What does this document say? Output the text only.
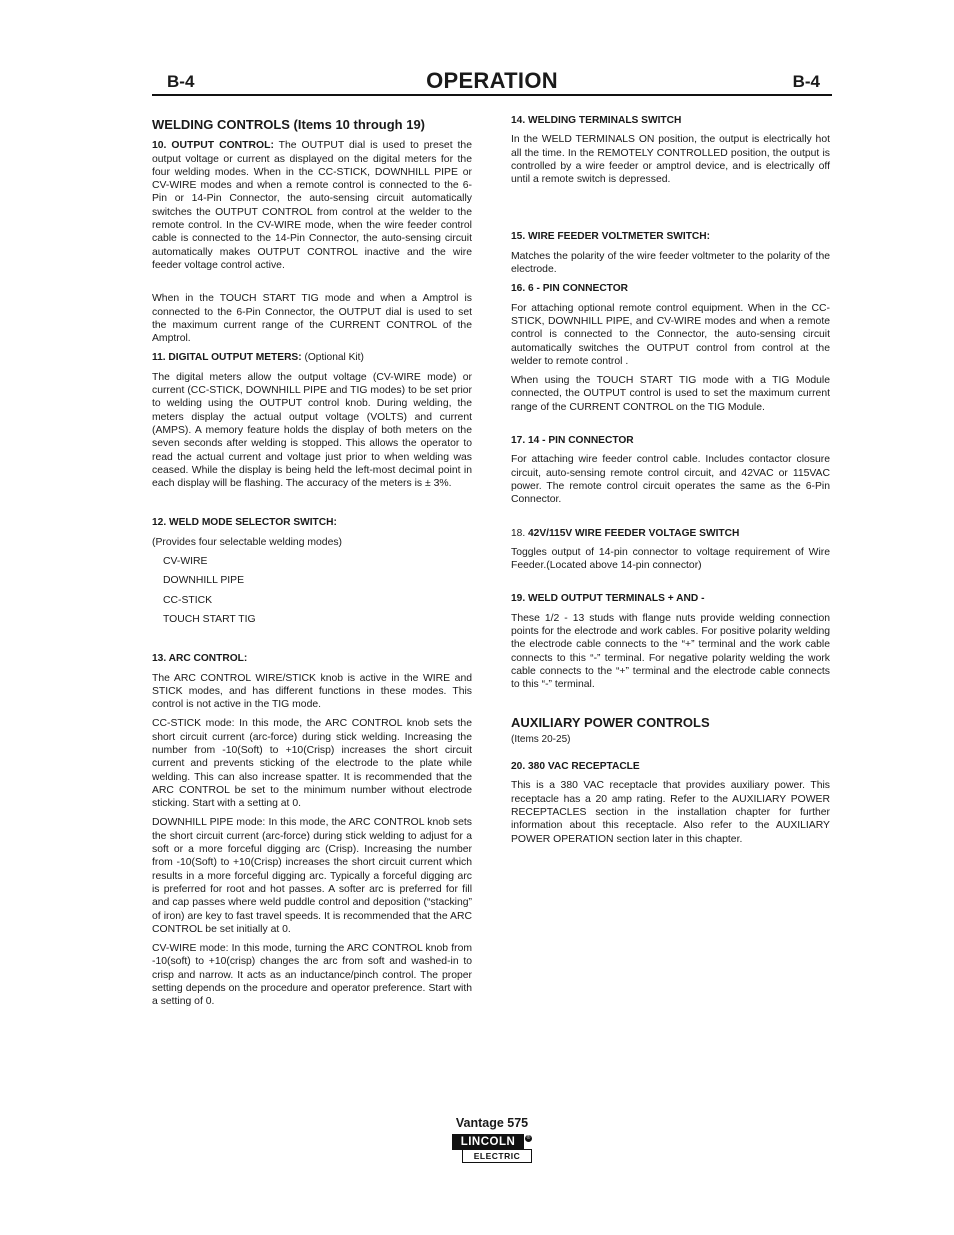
B-4	OPERATION	B-4
WELDING CONTROLS (Items 10 through 19)

10. OUTPUT CONTROL: The OUTPUT dial is used to preset the output voltage or current as displayed on the digital meters for the four welding modes. When in the CC-STICK, DOWNHILL PIPE or CV-WIRE modes and when a remote control is connected to the 6-Pin or 14-Pin Connector, the auto-sensing circuit automatically switches the OUTPUT CONTROL from control at the welder to the remote control. In the CV-WIRE mode, when the wire feeder control cable is connected to the 14-Pin Connector, the auto-sensing circuit automatically makes OUTPUT CONTROL inactive and the wire feeder voltage control active.

When in the TOUCH START TIG mode and when a Amptrol is connected to the 6-Pin Connector, the OUTPUT dial is used to set the maximum current range of the CURRENT CONTROL of the Amptrol.

11. DIGITAL OUTPUT METERS: (Optional Kit)

The digital meters allow the output voltage (CV-WIRE mode) or current (CC-STICK, DOWNHILL PIPE and TIG modes) to be set prior to welding using the OUTPUT control knob. During welding, the meters display the actual output voltage (VOLTS) and current (AMPS). A memory feature holds the display of both meters on the seven seconds after welding is stopped. This allows the operator to read the actual current and voltage just prior to when welding was ceased. While the display is being held the left-most decimal point in each display will be flashing. The accuracy of the meters is ± 3%.

12. WELD MODE SELECTOR SWITCH:

(Provides four selectable welding modes)

CV-WIRE
DOWNHILL PIPE
CC-STICK
TOUCH START TIG
13. ARC CONTROL:

The ARC CONTROL WIRE/STICK knob is active in the WIRE and STICK modes, and has different functions in these modes. This control is not active in the TIG mode.

CC-STICK mode: In this mode, the ARC CONTROL knob sets the short circuit current (arc-force) during stick welding. Increasing the number from -10(Soft) to +10(Crisp) increases the short circuit current and prevents sticking of the electrode to the plate while welding. This can also increase spatter. It is recommended that the ARC CONTROL be set to the minimum number without electrode sticking. Start with a setting at 0.

DOWNHILL PIPE mode: In this mode, the ARC CONTROL knob sets the short circuit current (arc-force) during stick welding to adjust for a soft or a more forceful digging arc (Crisp). Increasing the number from -10(Soft) to +10(Crisp) increases the short circuit current which results in a more forceful digging arc. Typically a forceful digging arc is preferred for root and hot passes. A softer arc is preferred for fill and cap passes where weld puddle control and deposition (“stacking” of iron) are key to fast travel speeds. It is recommended that the ARC CONTROL be set initially at 0.

CV-WIRE mode: In this mode, turning the ARC CONTROL knob from -10(soft) to +10(crisp) changes the arc from soft and washed-in to crisp and narrow. It acts as an inductance/pinch control. The proper setting depends on the procedure and operator preference. Start with a setting of 0.

14. WELDING TERMINALS SWITCH

In the WELD TERMINALS ON position, the output is electrically hot all the time. In the REMOTELY CONTROLLED position, the output is controlled by a wire feeder or amptrol device, and is electrically off until a remote switch is depressed.

15. WIRE FEEDER VOLTMETER SWITCH:

Matches the polarity of the wire feeder voltmeter to the polarity of the electrode.

16. 6 - PIN CONNECTOR

For attaching optional remote control equipment. When in the CC-STICK, DOWNHILL PIPE, and CV-WIRE modes and when a remote control is connected to the Connector, the auto-sensing circuit automatically switches the OUTPUT control from control at the welder to remote control .

When using the TOUCH START TIG mode with a TIG Module connected, the OUTPUT control is used to set the maximum current range of the CURRENT CONTROL on the TIG Module.

17. 14 - PIN CONNECTOR

For attaching wire feeder control cable. Includes contactor closure circuit, auto-sensing remote control circuit, and 42VAC or 115VAC power. The remote control circuit operates the same as the 6-Pin Connector.

18. 42V/115V WIRE FEEDER VOLTAGE SWITCH

Toggles output of 14-pin connector to voltage requirement of Wire Feeder.(Located above 14-pin connector)

19. WELD OUTPUT TERMINALS + AND -

These 1/2 - 13 studs with flange nuts provide welding connection points for the electrode and work cables. For positive polarity welding the electrode cable connects to the “+” terminal and the work cable connects to this “-” terminal. For negative polarity welding the work cable connects to the “+” terminal and the electrode cable connects to this “-” terminal.

AUXILIARY POWER CONTROLS

(Items 20-25)

20. 380 VAC RECEPTACLE

This is a 380 VAC receptacle that provides auxiliary power. This receptacle has a 20 amp rating. Refer to the AUXILIARY POWER RECEPTACLES section in the installation chapter for further information about this receptacle. Also refer to the AUXILIARY POWER OPERATION section later in this chapter.

Vantage 575
LINCOLN	®
ELECTRIC
